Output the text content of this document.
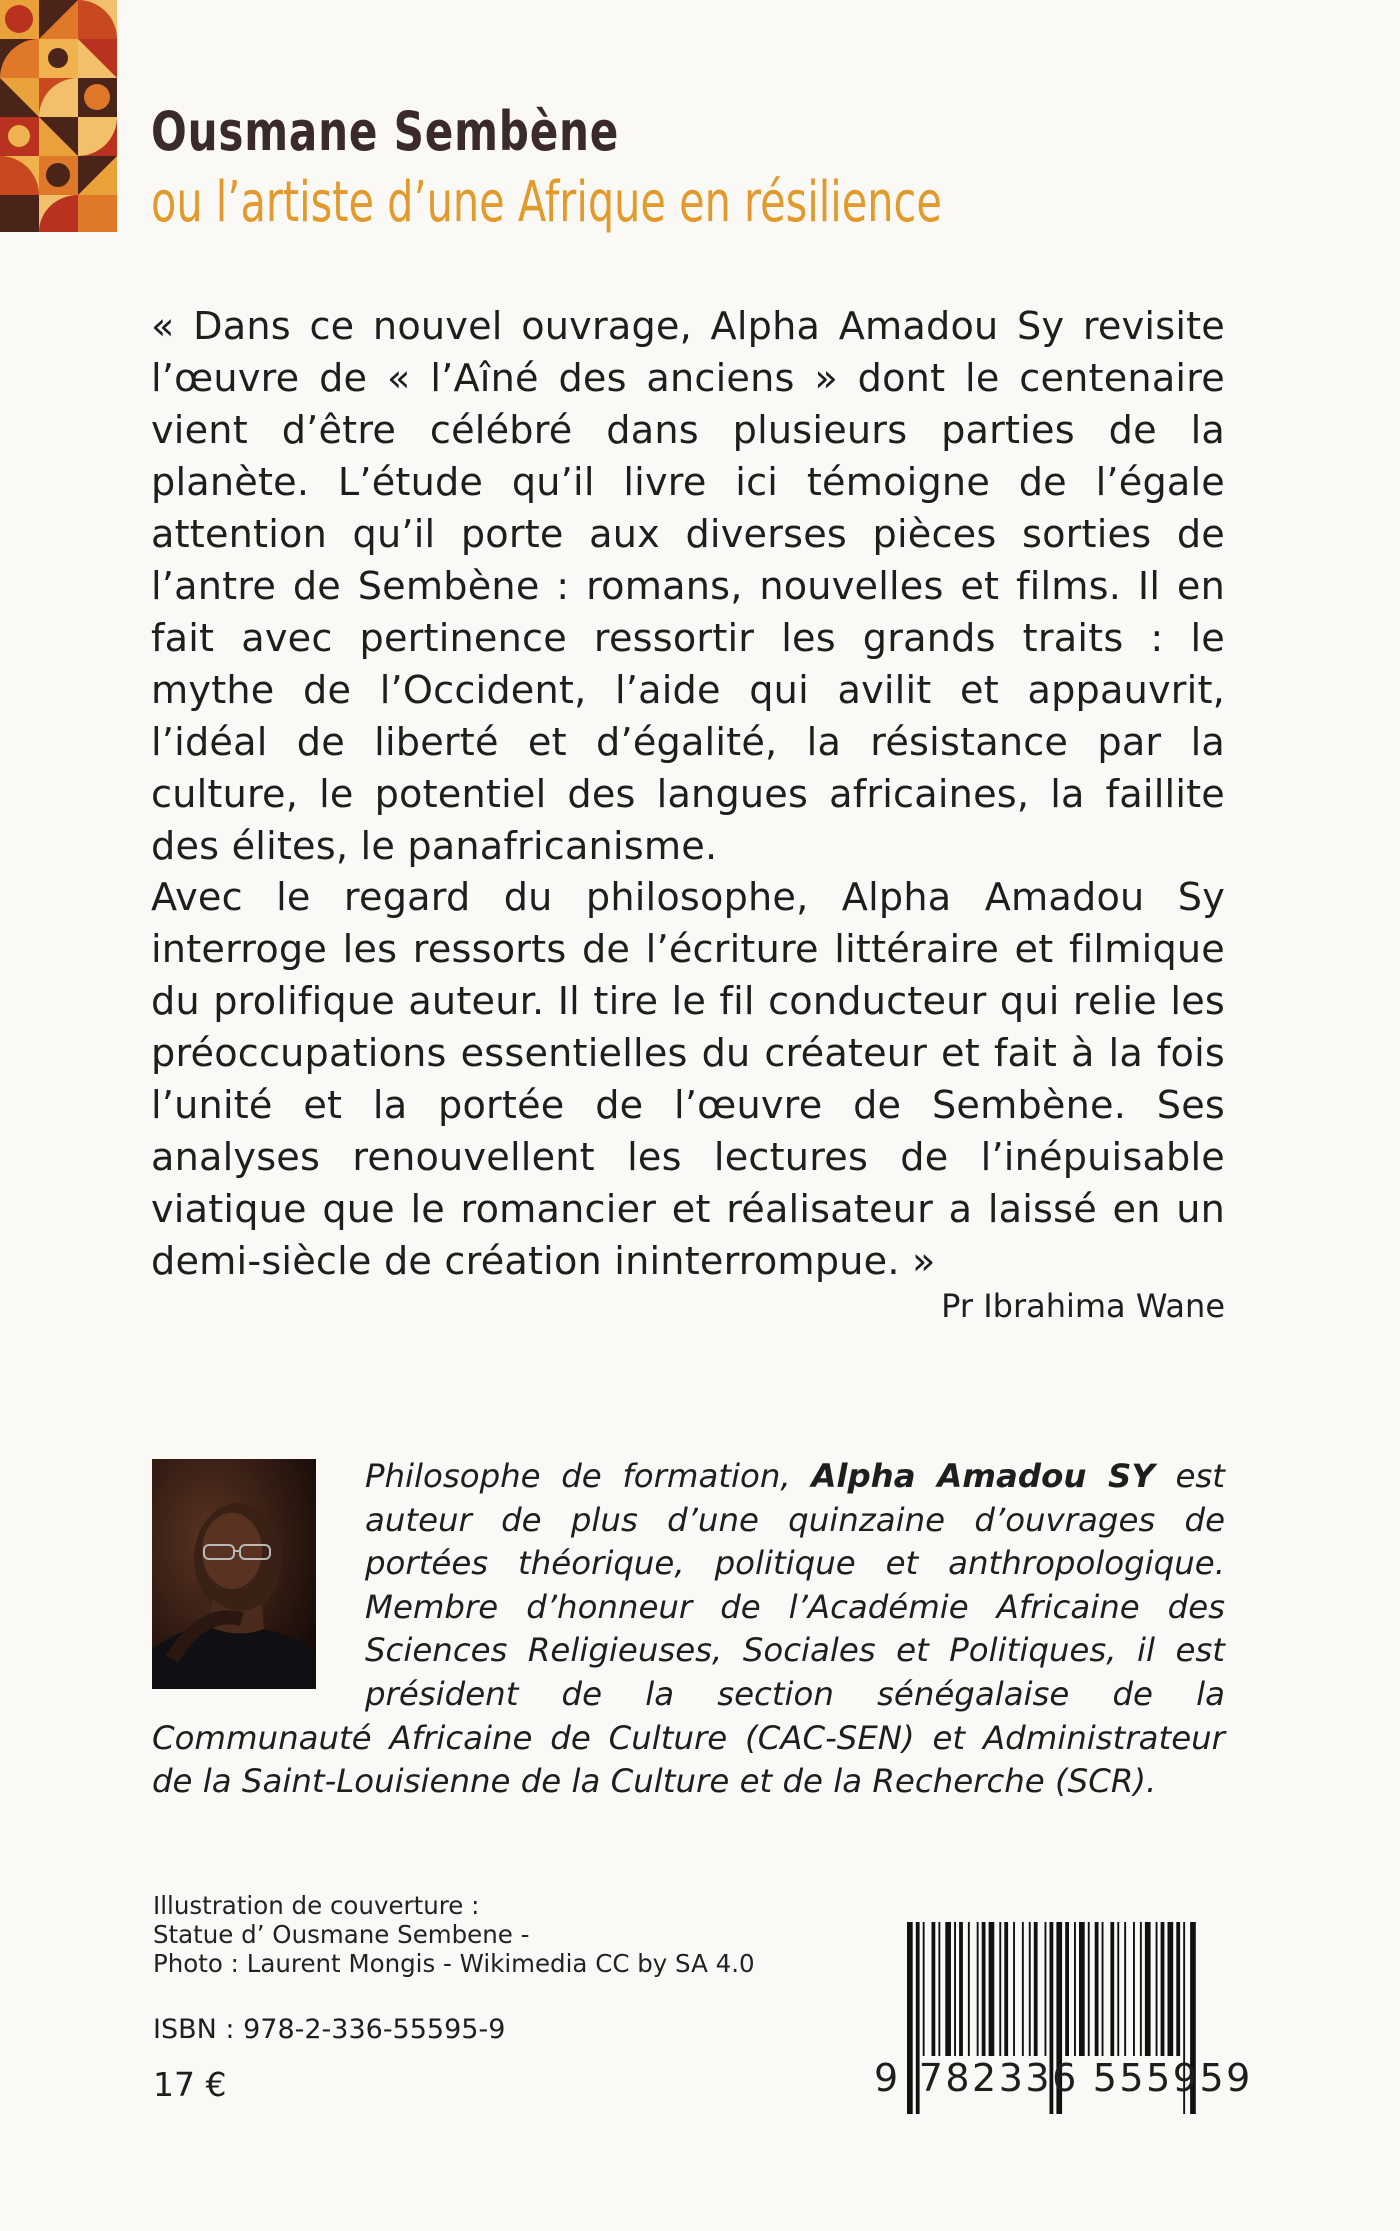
Ousmane Sembène
ou l’artiste d’une Afrique en résilience

« Dans ce nouvel ouvrage, Alpha Amadou Sy revisite l’œuvre de « l’Aîné des anciens » dont le centenaire vient d’être célébré dans plusieurs parties de la planète. L’étude qu’il livre ici témoigne de l’égale attention qu’il porte aux diverses pièces sorties de l’antre de Sembène : romans, nouvelles et films. Il en fait avec pertinence ressortir les grands traits : le mythe de l’Occident, l’aide qui avilit et appauvrit, l’idéal de liberté et d’égalité, la résistance par la culture, le potentiel des langues africaines, la faillite des élites, le panafricanisme.

Avec le regard du philosophe, Alpha Amadou Sy interroge les ressorts de l’écriture littéraire et filmique du prolifique auteur. Il tire le fil conducteur qui relie les préoccupations essentielles du créateur et fait à la fois l’unité et la portée de l’œuvre de Sembène. Ses analyses renouvellent les lectures de l’inépuisable viatique que le romancier et réalisateur a laissé en un demi-siècle de création ininterrompue. »

Pr Ibrahima Wane

Philosophe de formation, Alpha Amadou SY est auteur de plus d’une quinzaine d’ouvrages de portées théorique, politique et anthropologique. Membre d’honneur de l’Académie Africaine des Sciences Religieuses, Sociales et Politiques, il est président de la section sénégalaise de la Communauté Africaine de Culture (CAC-SEN) et Administrateur de la Saint-Louisienne de la Culture et de la Recherche (SCR).

Illustration de couverture :
Statue d’ Ousmane Sembene -
Photo : Laurent Mongis - Wikimedia CC by SA 4.0
ISBN : 978-2-336-55595-9
17 €	9 782336 555959
